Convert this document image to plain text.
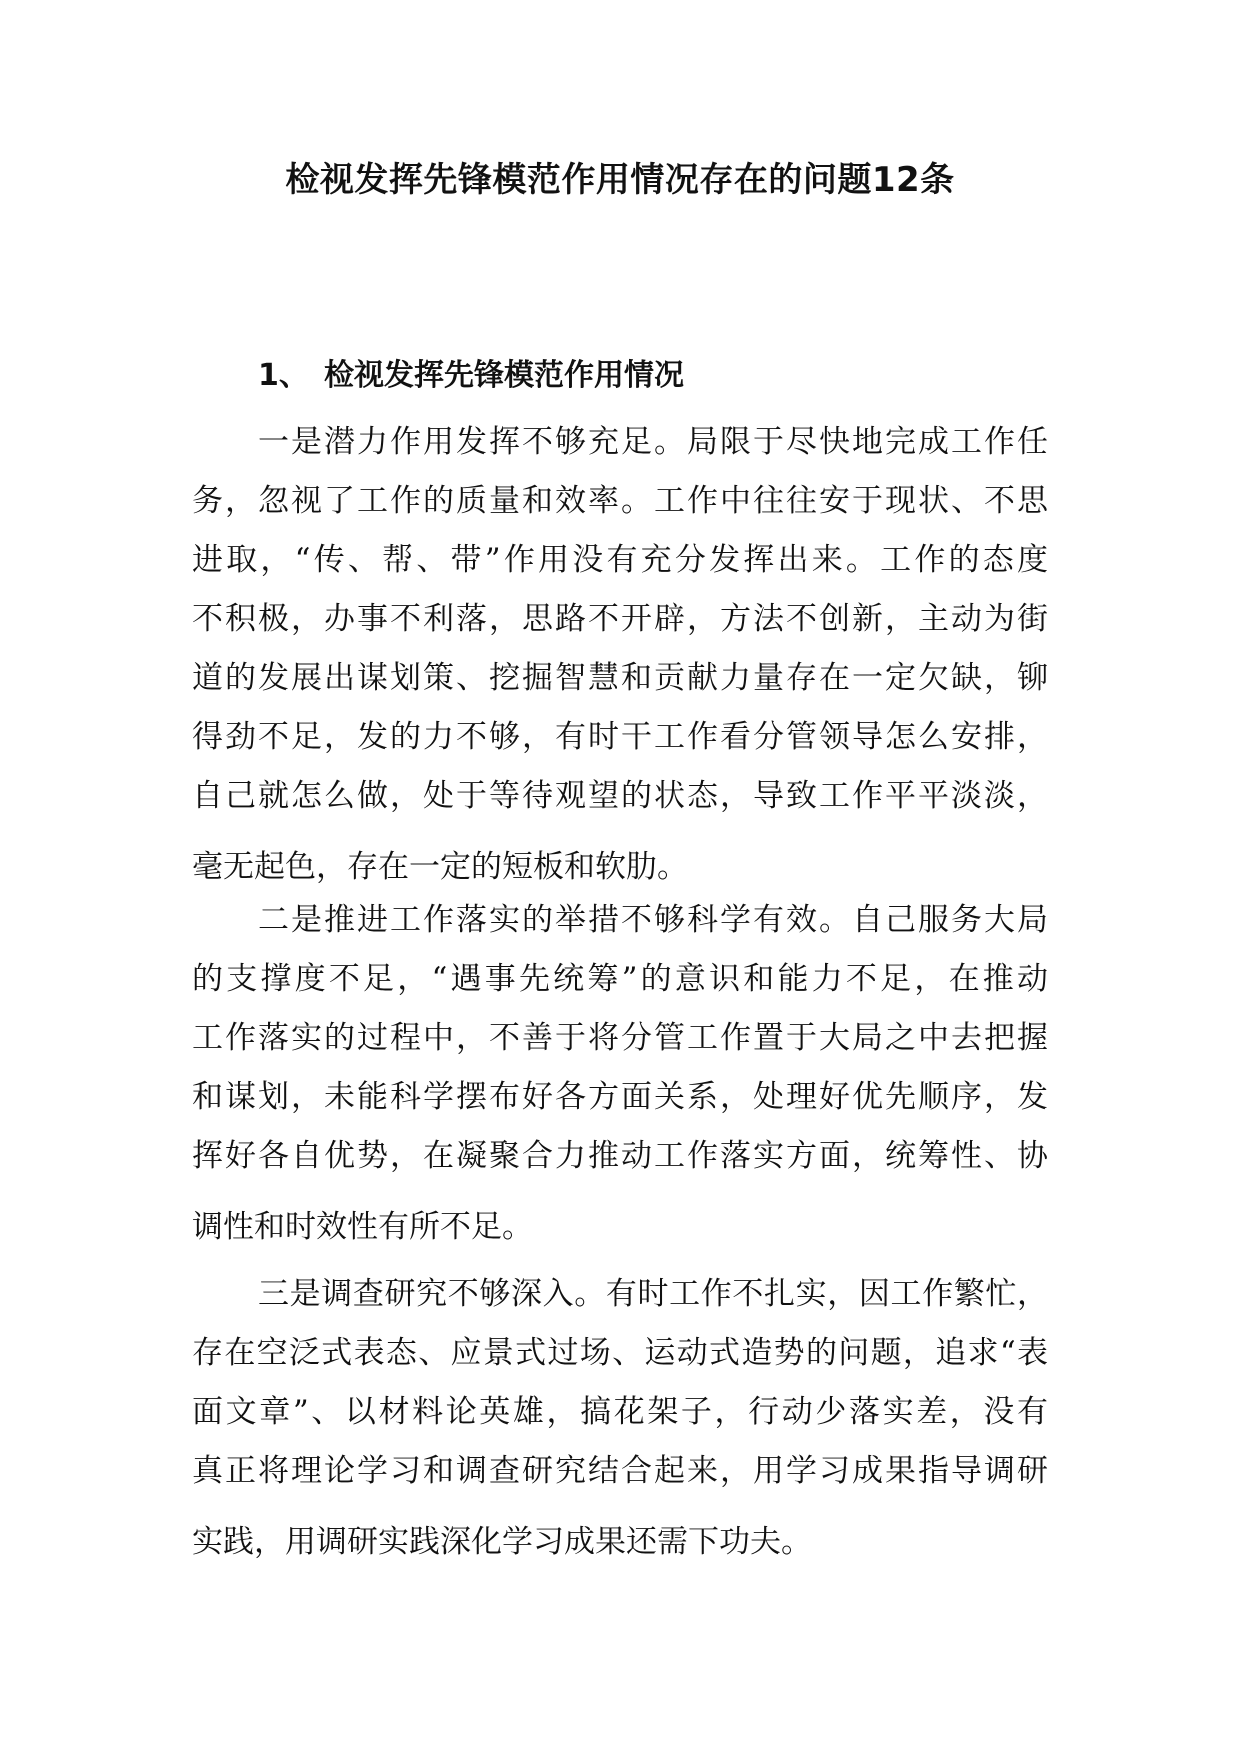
检视发挥先锋模范作用情况存在的问题12条
1、 检视发挥先锋模范作用情况
一是潜力作用发挥不够充足。局限于尽快地完成工作任
务，忽视了工作的质量和效率。工作中往往安于现状、不思
进取，“传、帮、带”作用没有充分发挥出来。工作的态度
不积极，办事不利落，思路不开辟，方法不创新，主动为街
道的发展出谋划策、挖掘智慧和贡献力量存在一定欠缺，铆
得劲不足，发的力不够，有时干工作看分管领导怎么安排，
自己就怎么做，处于等待观望的状态，导致工作平平淡淡，
毫无起色，存在一定的短板和软肋。
二是推进工作落实的举措不够科学有效。自己服务大局
的支撑度不足，“遇事先统筹”的意识和能力不足，在推动
工作落实的过程中，不善于将分管工作置于大局之中去把握
和谋划，未能科学摆布好各方面关系，处理好优先顺序，发
挥好各自优势，在凝聚合力推动工作落实方面，统筹性、协
调性和时效性有所不足。
三是调查研究不够深入。有时工作不扎实，因工作繁忙，
存在空泛式表态、应景式过场、运动式造势的问题，追求“表
面文章”、以材料论英雄，搞花架子，行动少落实差，没有
真正将理论学习和调查研究结合起来，用学习成果指导调研
实践，用调研实践深化学习成果还需下功夫。
